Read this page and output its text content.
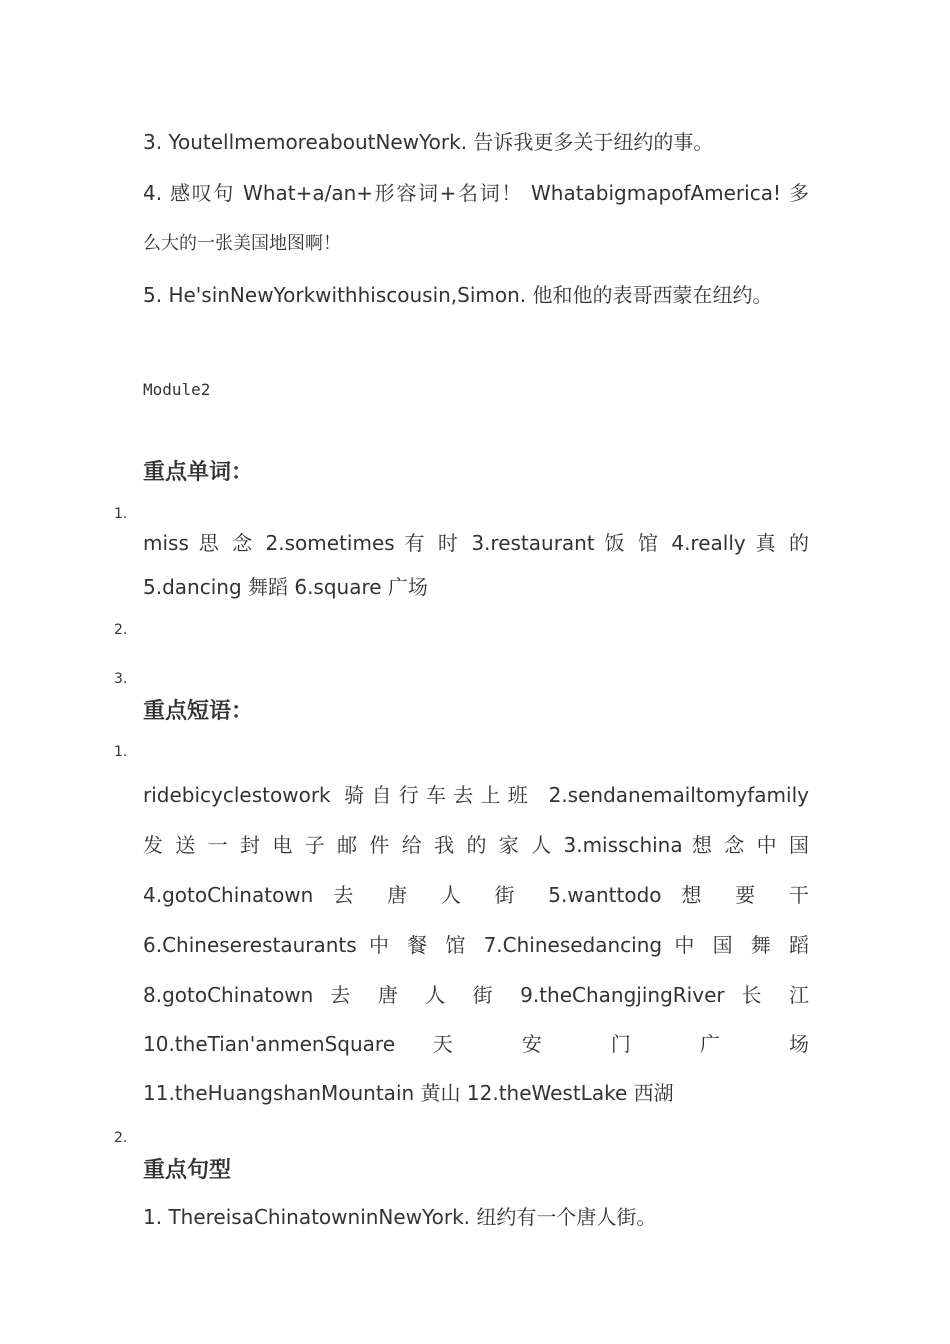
3. YoutellmemoreaboutNewYork. 告诉我更多关于纽约的事。
4. 感叹句 What+a/an+形容词+名词！ WhatabigmapofAmerica! 多
么大的一张美国地图啊！
5. He'sinNewYorkwithhiscousin,Simon. 他和他的表哥西蒙在纽约。
Module2
重点单词：
1.
miss 思 念 2.sometimes 有 时 3.restaurant 饭 馆 4.really 真 的
5.dancing 舞蹈 6.square 广场
2.
3.
重点短语：
1.
ridebicyclestowork 骑自行车去上班 2.sendanemailtomyfamily
发 送 一 封 电 子 邮 件 给 我 的 家 人 3.misschina 想 念 中 国
4.gotoChinatown 去 唐 人 街 5.wanttodo 想 要 干
6.Chineserestaurants 中 餐 馆 7.Chinesedancing 中 国 舞 蹈
8.gotoChinatown 去 唐 人 街 9.theChangjingRiver 长 江
10.theTian'anmenSquare 天 安 门 广 场
11.theHuangshanMountain 黄山 12.theWestLake 西湖
2.
重点句型
1. ThereisaChinatowninNewYork. 纽约有一个唐人街。
